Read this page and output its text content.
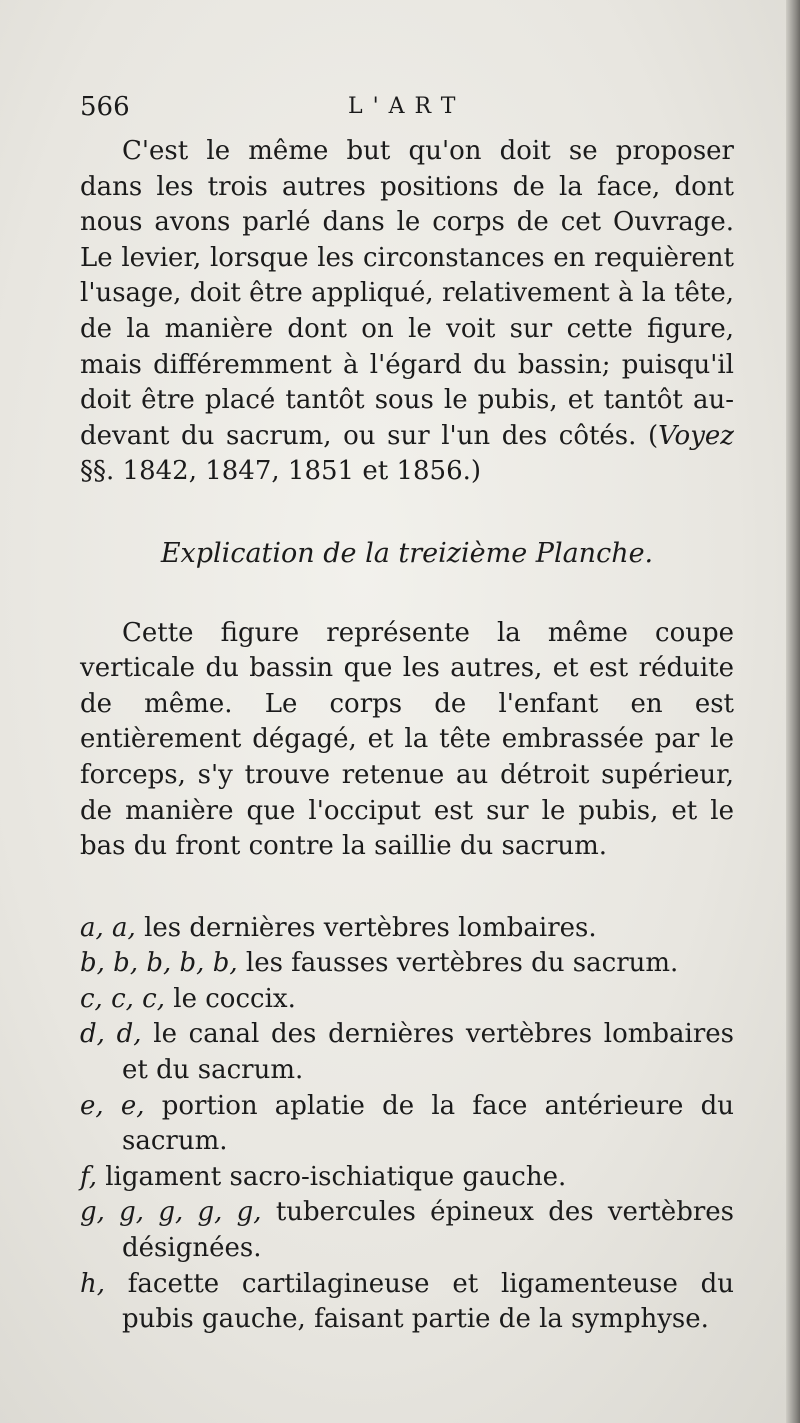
566	L'ART

C'est le même but qu'on doit se proposer dans les trois autres positions de la face, dont nous avons parlé dans le corps de cet Ouvrage. Le levier, lorsque les circonstances en requièrent l'usage, doit être appliqué, relativement à la tête, de la manière dont on le voit sur cette figure, mais différemment à l'égard du bassin; puisqu'il doit être placé tantôt sous le pubis, et tantôt au-devant du sacrum, ou sur l'un des côtés. (Voyez §§. 1842, 1847, 1851 et 1856.)

Explication de la treizième Planche.

Cette figure représente la même coupe verticale du bassin que les autres, et est réduite de même. Le corps de l'enfant en est entièrement dégagé, et la tête embrassée par le forceps, s'y trouve retenue au détroit supérieur, de manière que l'occiput est sur le pubis, et le bas du front contre la saillie du sacrum.

a, a, les dernières vertèbres lombaires.
b, b, b, b, b, les fausses vertèbres du sacrum.
c, c, c, le coccix.
d, d, le canal des dernières vertèbres lombaires et du sacrum.
e, e, portion aplatie de la face antérieure du sacrum.
f, ligament sacro-ischiatique gauche.
g, g, g, g, g, tubercules épineux des vertèbres désignées.
h, facette cartilagineuse et ligamenteuse du pubis gauche, faisant partie de la symphyse.
